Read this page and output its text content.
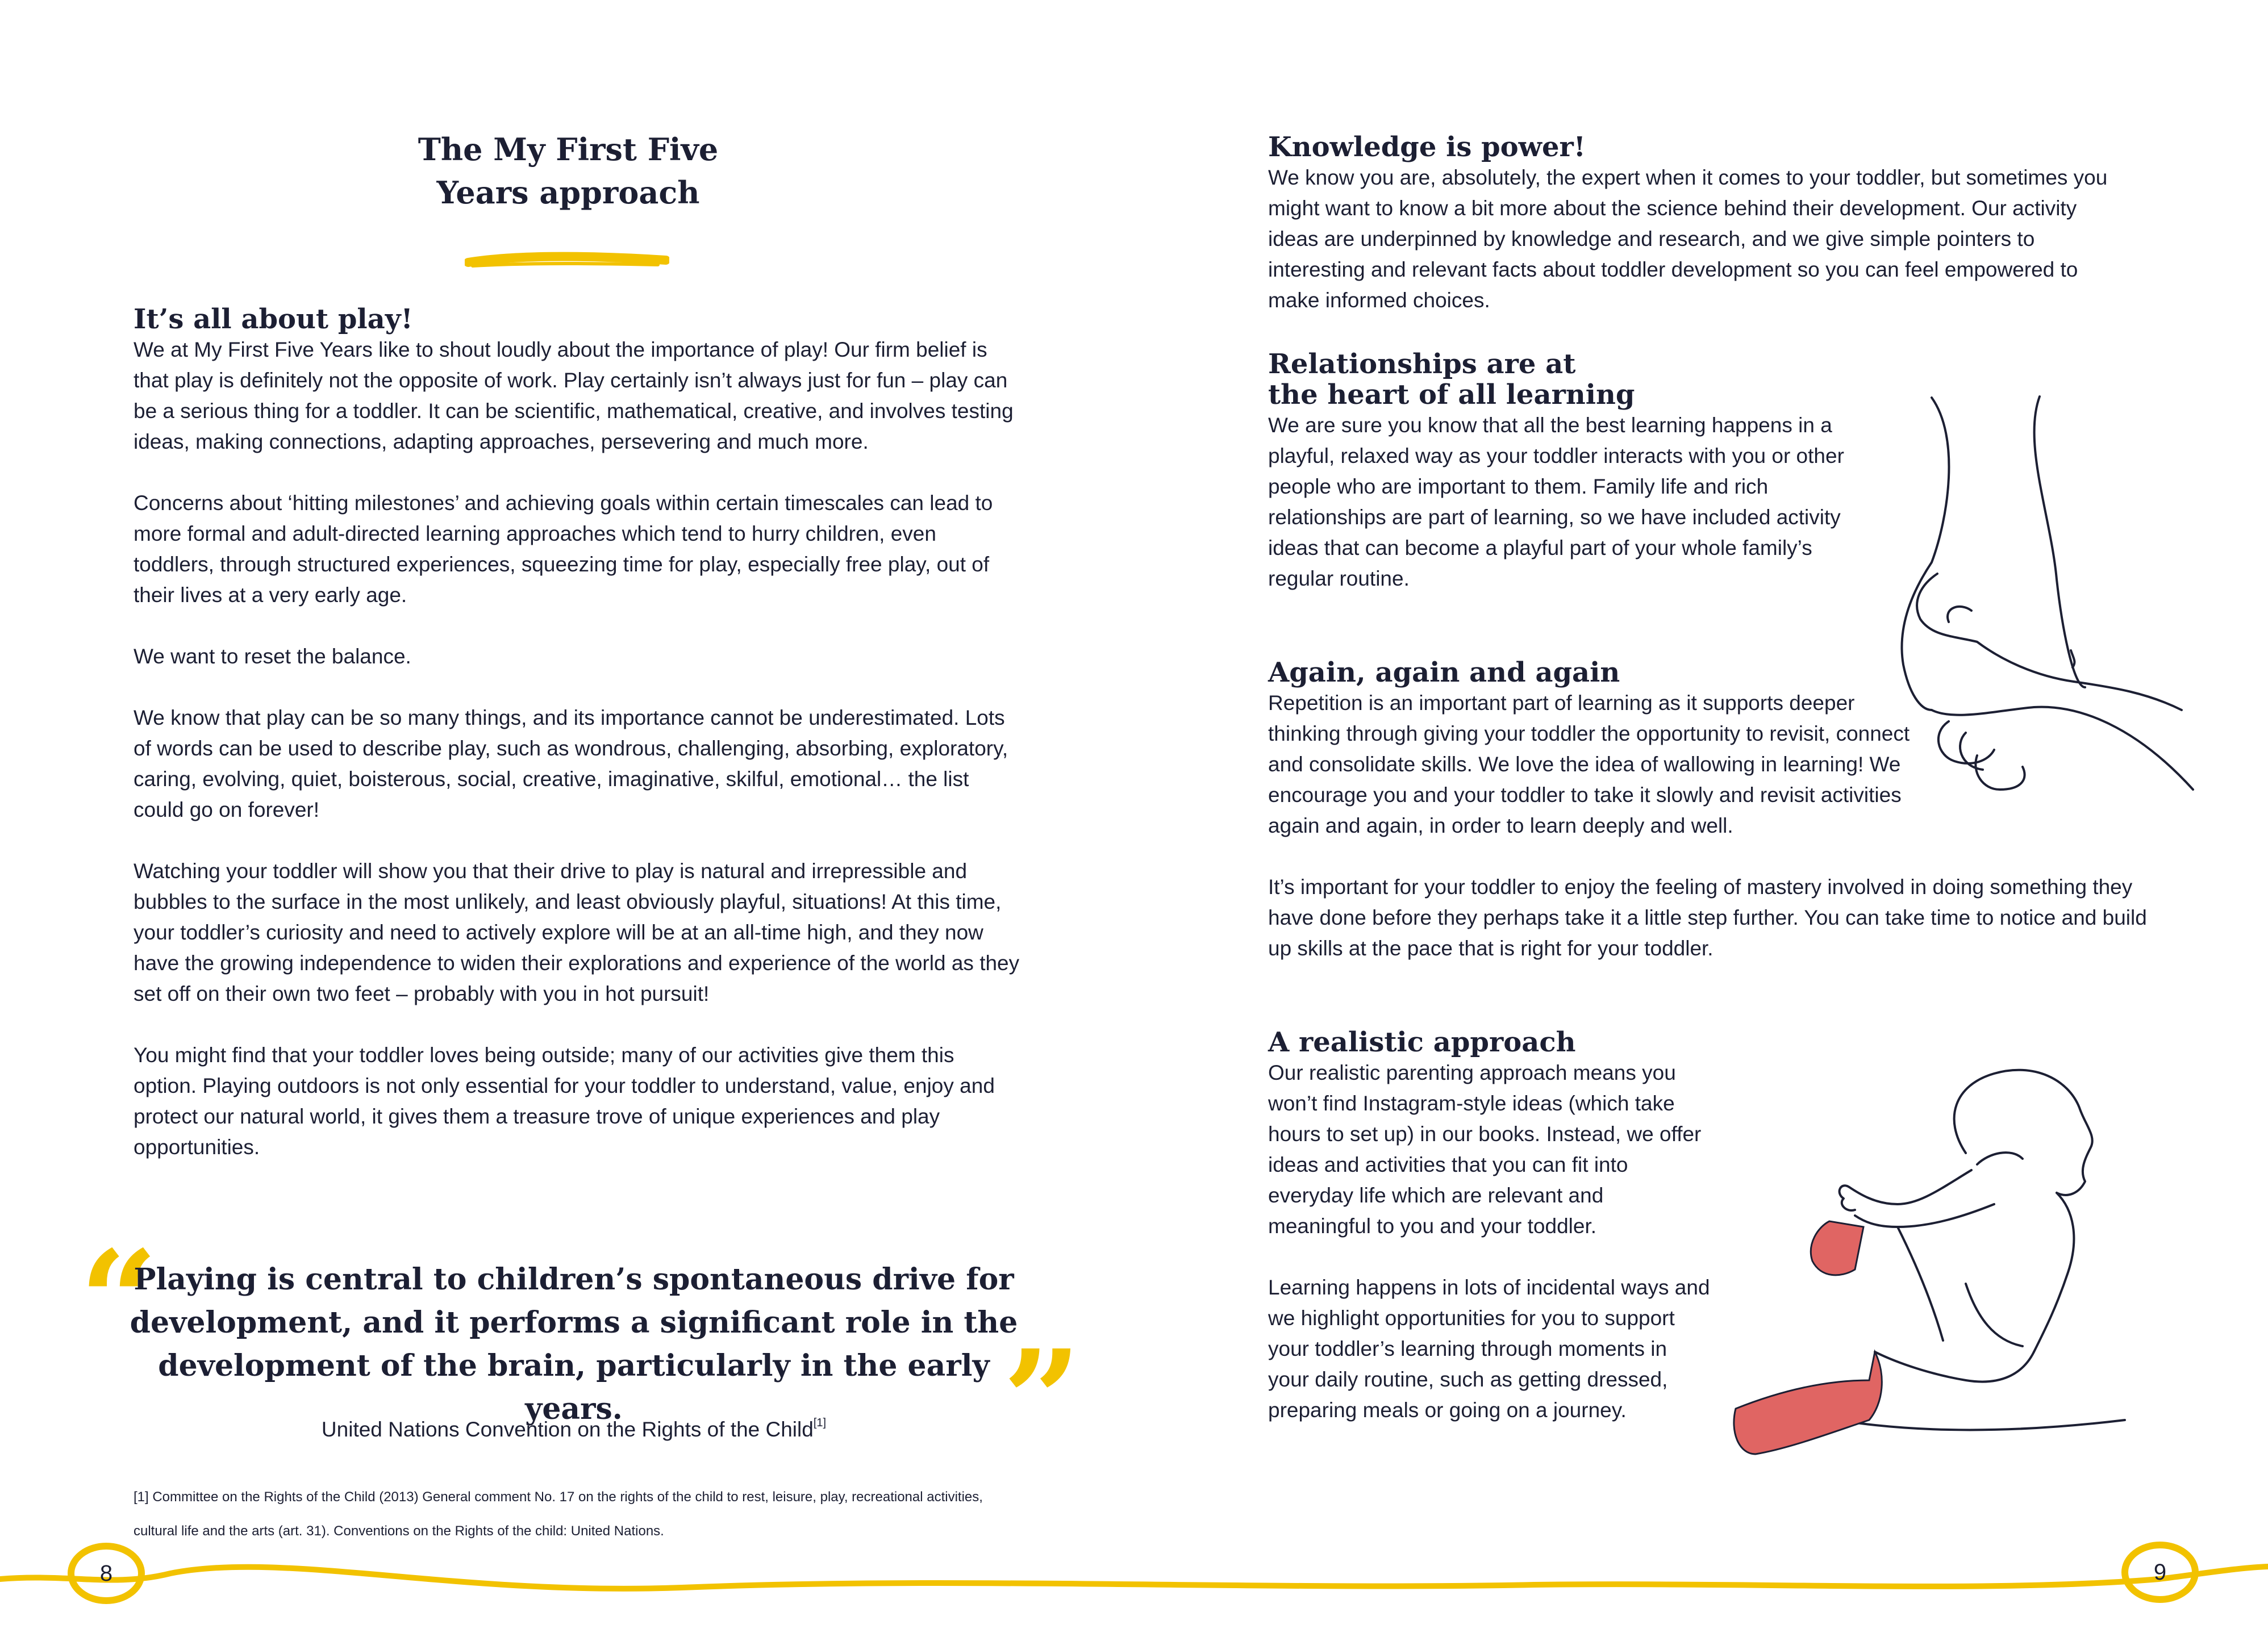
The My First Five
Years approach
It’s all about play!

We at My First Five Years like to shout loudly about the importance of play! Our firm belief is that play is definitely not the opposite of work. Play certainly isn’t always just for fun – play can be a serious thing for a toddler. It can be scientific, mathematical, creative, and involves testing ideas, making connections, adapting approaches, persevering and much more.

Concerns about ‘hitting milestones’ and achieving goals within certain timescales can lead to more formal and adult-directed learning approaches which tend to hurry children, even toddlers, through structured experiences, squeezing time for play, especially free play, out of their lives at a very early age.

We want to reset the balance.

We know that play can be so many things, and its importance cannot be underestimated. Lots of words can be used to describe play, such as wondrous, challenging, absorbing, exploratory, caring, evolving, quiet, boisterous, social, creative, imaginative, skilful, emotional… the list could go on forever!

Watching your toddler will show you that their drive to play is natural and irrepressible and bubbles to the surface in the most unlikely, and least obviously playful, situations! At this time, your toddler’s curiosity and need to actively explore will be at an all-time high, and they now have the growing independence to widen their explorations and experience of the world as they set off on their own two feet – probably with you in hot pursuit!

You might find that your toddler loves being outside; many of our activities give them this option. Playing outdoors is not only essential for your toddler to understand, value, enjoy and protect our natural world, it gives them a treasure trove of unique experiences and play opportunities.

“

Playing is central to children’s spontaneous drive for development, and it performs a significant role in the development of the brain, particularly in the early years.	”
United Nations Convention on the Rights of the Child[1]

[1] Committee on the Rights of the Child (2013) General comment No. 17 on the rights of the child to rest, leisure, play, recreational activities, cultural life and the arts (art. 31). Conventions on the Rights of the child: United Nations.

Knowledge is power!

We know you are, absolutely, the expert when it comes to your toddler, but sometimes you might want to know a bit more about the science behind their development. Our activity ideas are underpinned by knowledge and research, and we give simple pointers to interesting and relevant facts about toddler development so you can feel empowered to make informed choices.

Relationships are at
the heart of all learning

We are sure you know that all the best learning happens in a playful, relaxed way as your toddler interacts with you or other people who are important to them. Family life and rich relationships are part of learning, so we have included activity ideas that can become a playful part of your whole family’s regular routine.

Again, again and again

Repetition is an important part of learning as it supports deeper thinking through giving your toddler the opportunity to revisit, connect and consolidate skills. We love the idea of wallowing in learning! We encourage you and your toddler to take it slowly and revisit activities again and again, in order to learn deeply and well.

It’s important for your toddler to enjoy the feeling of mastery involved in doing something they have done before they perhaps take it a little step further. You can take time to notice and build up skills at the pace that is right for your toddler.

A realistic approach

Our realistic parenting approach means you won’t find Instagram-style ideas (which take hours to set up) in our books. Instead, we offer ideas and activities that you can fit into everyday life which are relevant and meaningful to you and your toddler.

Learning happens in lots of incidental ways and we highlight opportunities for you to support your toddler’s learning through moments in your daily routine, such as getting dressed, preparing meals or going on a journey.

8	9
